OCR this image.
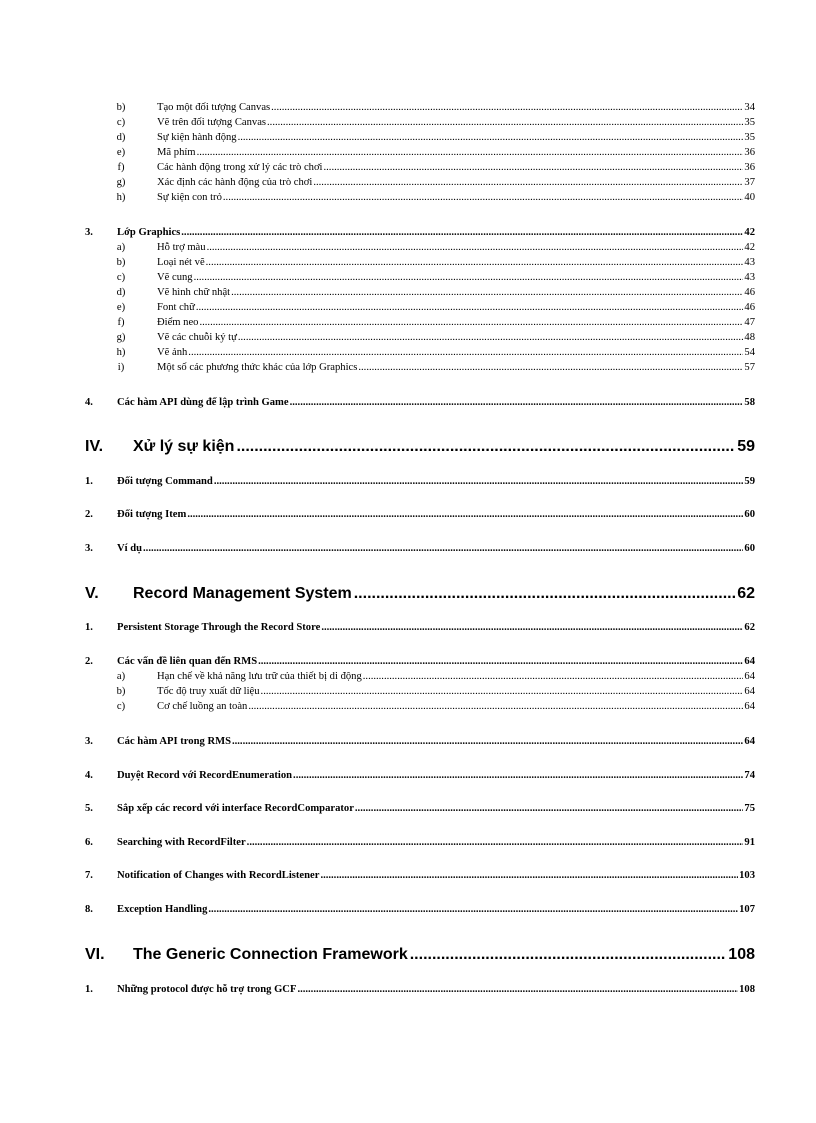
b)	Tạo một đối tượng Canvas .....	34
c)	Vẽ trên đối tượng Canvas .....	35
d)	Sự kiện hành động .....	35
e)	Mã phím .....	36
f)	Các hành động trong xử lý các trò chơi .....	36
g)	Xác định các hành động của trò chơi .....	37
h)	Sự kiện con trỏ .....	40
3.	Lớp Graphics .....	42
a)	Hỗ trợ màu .....	42
b)	Loại nét vẽ .....	43
c)	Vẽ cung .....	43
d)	Vẽ hình chữ nhật .....	46
e)	Font chữ .....	46
f)	Điểm neo .....	47
g)	Vẽ các chuỗi ký tự .....	48
h)	Vẽ ảnh .....	54
i)	Một số các phương thức khác của lớp Graphics .....	57
4.	Các hàm API dùng để lập trình Game .....	58
IV.	Xử lý sự kiện .....	59
1.	Đối tượng Command .....	59
2.	Đối tượng Item .....	60
3.	Ví dụ .....	60
V.	Record Management System .....	62
1.	Persistent Storage Through the Record Store .....	62
2.	Các vấn đề liên quan đến RMS .....	64
a)	Hạn chế về khả năng lưu trữ của thiết bị di động .....	64
b)	Tốc độ truy xuất dữ liệu .....	64
c)	Cơ chế luồng an toàn .....	64
3.	Các hàm API trong RMS .....	64
4.	Duyệt Record với RecordEnumeration .....	74
5.	Sắp xếp các record với interface RecordComparator .....	75
6.	Searching with RecordFilter .....	91
7.	Notification of Changes with RecordListener .....	103
8.	Exception Handling .....	107
VI.	The Generic Connection Framework .....	108
1.	Những protocol được hỗ trợ trong GCF .....	108
